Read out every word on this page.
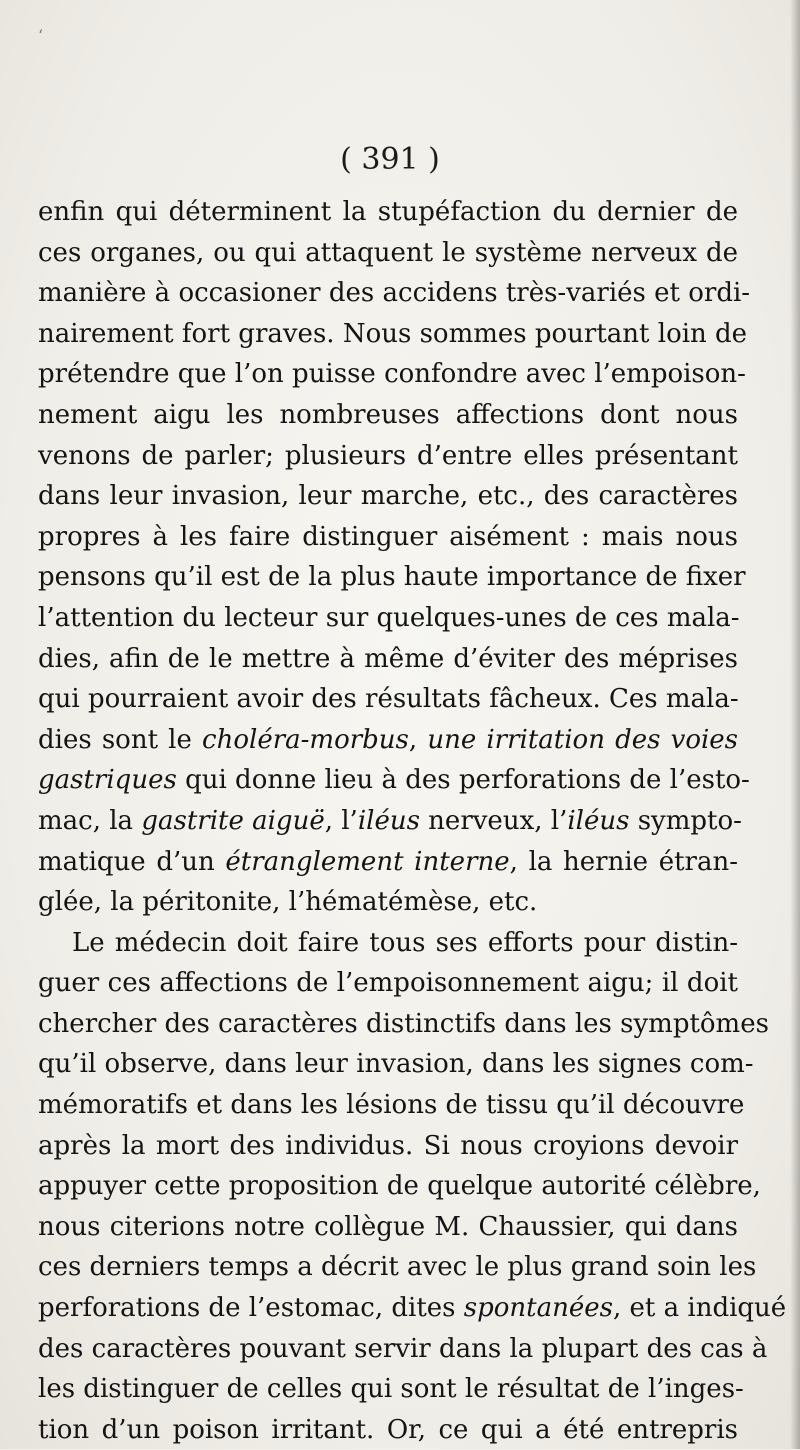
ʻ
( 391 )
enfin qui déterminent la stupéfaction du dernier de
ces organes, ou qui attaquent le système nerveux de
manière à occasioner des accidens très-variés et ordi-
nairement fort graves. Nous sommes pourtant loin de
prétendre que l’on puisse confondre avec l’empoison-
nement aigu les nombreuses affections dont nous
venons de parler; plusieurs d’entre elles présentant
dans leur invasion, leur marche, etc., des caractères
propres à les faire distinguer aisément : mais nous
pensons qu’il est de la plus haute importance de fixer
l’attention du lecteur sur quelques-unes de ces mala-
dies, afin de le mettre à même d’éviter des méprises
qui pourraient avoir des résultats fâcheux. Ces mala-
dies sont le choléra-morbus, une irritation des voies
gastriques qui donne lieu à des perforations de l’esto-
mac, la gastrite aiguë, l’iléus nerveux, l’iléus sympto-
matique d’un étranglement interne, la hernie étran-
glée, la péritonite, l’hématémèse, etc.
Le médecin doit faire tous ses efforts pour distin-
guer ces affections de l’empoisonnement aigu; il doit
chercher des caractères distinctifs dans les symptômes
qu’il observe, dans leur invasion, dans les signes com-
mémoratifs et dans les lésions de tissu qu’il découvre
après la mort des individus. Si nous croyions devoir
appuyer cette proposition de quelque autorité célèbre,
nous citerions notre collègue M. Chaussier, qui dans
ces derniers temps a décrit avec le plus grand soin les
perforations de l’estomac, dites spontanées, et a indiqué
des caractères pouvant servir dans la plupart des cas à
les distinguer de celles qui sont le résultat de l’inges-
tion d’un poison irritant. Or, ce qui a été entrepris
